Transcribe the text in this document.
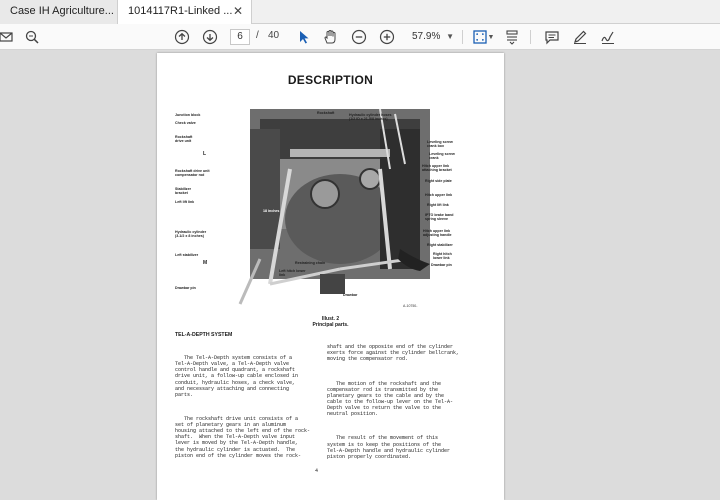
Case IH Agriculture...	1014117R1-Linked ... ✕
6	/ 40	57.9% ▼	▼
DESCRIPTION
Junction block
Check valve
Rockshaft
drive unit
L
Rockshaft drive unit
compensator rod
Stabilizer
bracket
Left lift link
Hydraulic cylinder
(3-1/2 x 8 inches)
Left stabilizer
M
Drawbar pin
Rockshaft	Hydraulic cylinder hoses
(1/2 ID x 21-5/8 inches)
Leveling screw
crank box
Leveling screw
crank
Hitch upper link
attaching bracket
Right side plate
Hitch upper link
Right lift link
IPTO brake band
spring sleeve
Hitch upper link
adjusting handle
Right stabilizer
Right hitch
lower link
Drawbar pin
18 inches
Restraining chain
Left hitch lower
link
Drawbar
A-10750-
Illust. 2
Principal parts.
TEL-A-DEPTH SYSTEM

The Tel-A-Depth system consists of a
Tel-A-Depth valve, a Tel-A-Depth valve
control handle and quadrant, a rockshaft
drive unit, a follow-up cable enclosed in
conduit, hydraulic hoses, a check valve,
and necessary attaching and connecting
parts.

The rockshaft drive unit consists of a
set of planetary gears in an aluminum
housing attached to the left end of the rock-
shaft.  When the Tel-A-Depth valve input
lever is moved by the Tel-A-Depth handle,
the hydraulic cylinder is actuated.  The
piston end of the cylinder moves the rock-

shaft and the opposite end of the cylinder
exerts force against the cylinder bellcrank,
moving the compensator rod.

The motion of the rockshaft and the
compensator rod is transmitted by the
planetary gears to the cable and by the
cable to the follow-up lever on the Tel-A-
Depth valve to return the valve to the
neutral position.

The result of the movement of this
system is to keep the positions of the
Tel-A-Depth handle and hydraulic cylinder
piston properly coordinated.

4
